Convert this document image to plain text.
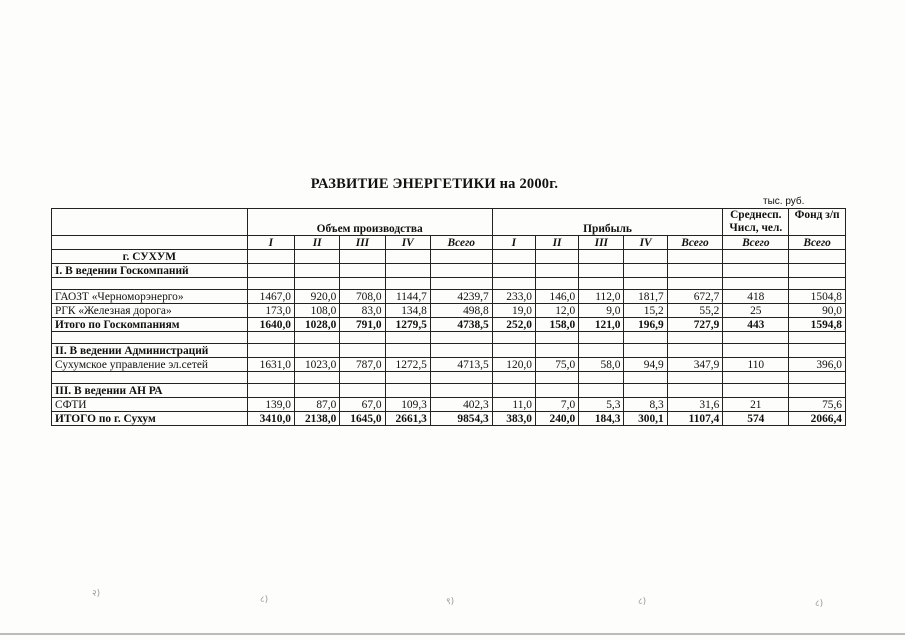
РАЗВИТИЕ ЭНЕРГЕТИКИ на 2000г.
тыс. руб.
	Объем производства					Прибыль					Среднесп. Числ, чел.	Фонд з/п
	I	II	III	IV	Всего	I	II	III	IV	Всего	Всего	Всего
г. СУХУМ												
I. В ведении Госкомпаний												

ГАОЗТ «Черноморэнерго»	1467,0	920,0	708,0	1144,7	4239,7	233,0	146,0	112,0	181,7	672,7	418	1504,8
РГК «Железная дорога»	173,0	108,0	83,0	134,8	498,8	19,0	12,0	9,0	15,2	55,2	25	90,0
Итого по Госкомпаниям	1640,0	1028,0	791,0	1279,5	4738,5	252,0	158,0	121,0	196,9	727,9	443	1594,8

II. В ведении Администраций												
Сухумское управление эл.сетей	1631,0	1023,0	787,0	1272,5	4713,5	120,0	75,0	58,0	94,9	347,9	110	396,0

III. В ведении АН РА												
СФТИ	139,0	87,0	67,0	109,3	402,3	11,0	7,0	5,3	8,3	31,6	21	75,6
ИТОГО по г. Сухум	3410,0	2138,0	1645,0	2661,3	9854,3	383,0	240,0	184,3	300,1	1107,4	574	2066,4
२)
८)	९)	८)	८)
